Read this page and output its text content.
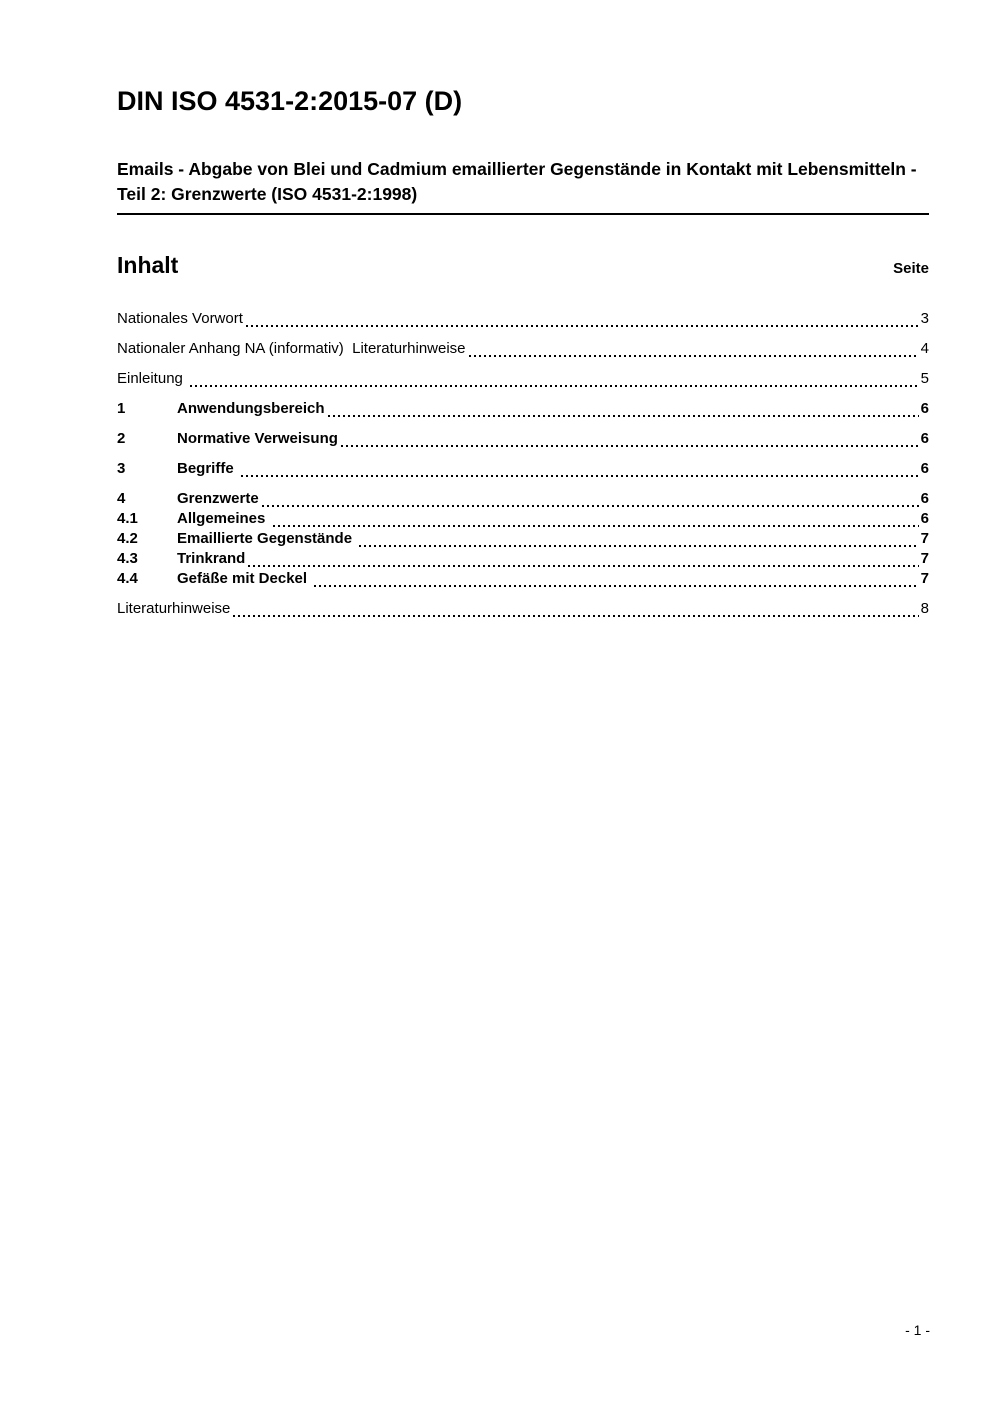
DIN ISO 4531-2:2015-07 (D)
Emails - Abgabe von Blei und Cadmium emaillierter Gegenstände in Kontakt mit Lebensmitteln - Teil 2: Grenzwerte (ISO 4531-2:1998)
Inhalt	Seite
Nationales Vorwort	3
Nationaler Anhang NA (informativ)  Literaturhinweise	4
Einleitung	5
1	Anwendungsbereich	6
2	Normative Verweisung	6
3	Begriffe	6
4	Grenzwerte	6
4.1	Allgemeines	6
4.2	Emaillierte Gegenstände	7
4.3	Trinkrand	7
4.4	Gefäße mit Deckel	7
Literaturhinweise	8
- 1 -
